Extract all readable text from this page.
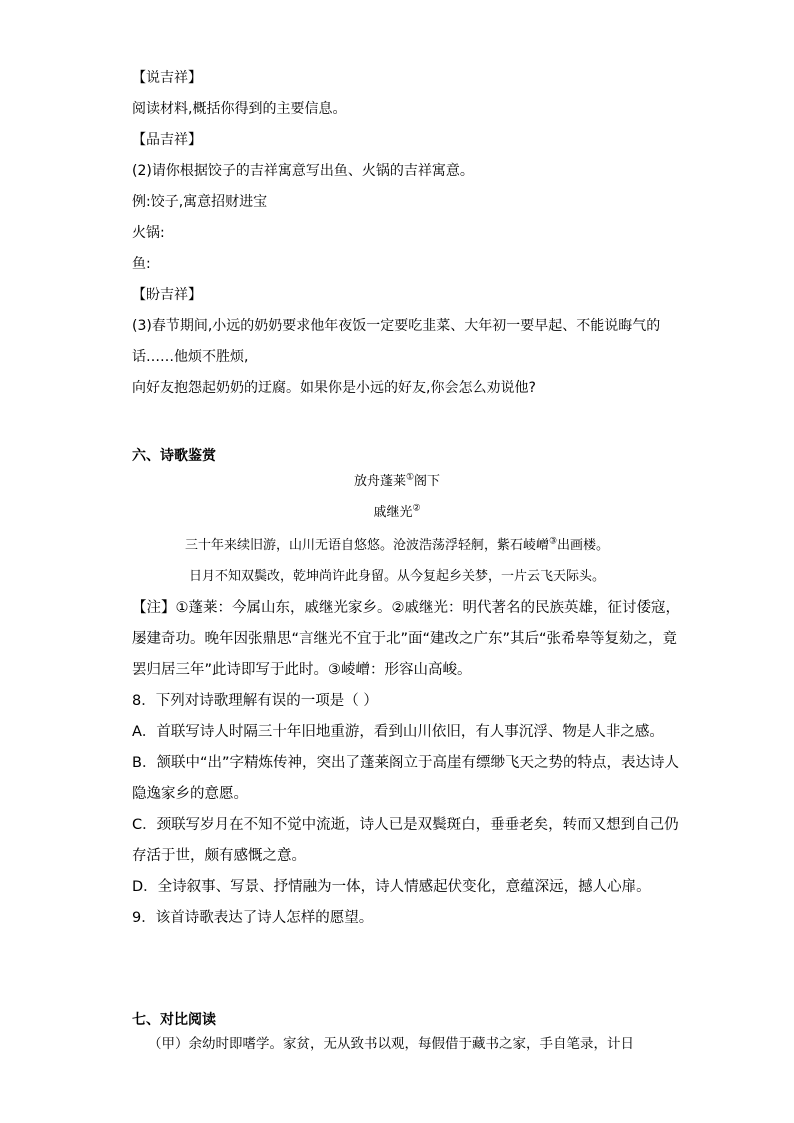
【说吉祥】
阅读材料,概括你得到的主要信息。
【品吉祥】
(2)请你根据饺子的吉祥寓意写出鱼、火锅的吉祥寓意。
例:饺子,寓意招财进宝
火锅:
鱼:
【盼吉祥】
(3)春节期间,小远的奶奶要求他年夜饭一定要吃韭菜、大年初一要早起、不能说晦气的
话……他烦不胜烦,
向好友抱怨起奶奶的迂腐。如果你是小远的好友,你会怎么劝说他?
六、诗歌鉴赏
放舟蓬莱①阁下
戚继光②
三十年来续旧游，山川无语自悠悠。沧波浩荡浮轻舸，紫石崚嶒③出画楼。
日月不知双鬓改，乾坤尚许此身留。从今复起乡关梦，一片云飞天际头。
【注】①蓬莱：今属山东，戚继光家乡。②戚继光：明代著名的民族英雄，征讨倭寇，
屡建奇功。晚年因张鼎思“言继光不宜于北”面“建改之广东”其后“张希皋等复劾之，竟
罢归居三年”此诗即写于此时。③崚嶒：形容山高峻。
8．下列对诗歌理解有误的一项是（ ）
A．首联写诗人时隔三十年旧地重游，看到山川依旧，有人事沉浮、物是人非之感。
B．颔联中“出”字精炼传神，突出了蓬莱阁立于高崖有缥缈飞天之势的特点，表达诗人
隐逸家乡的意愿。
C．颈联写岁月在不知不觉中流逝，诗人已是双鬓斑白，垂垂老矣，转而又想到自己仍
存活于世，颇有感慨之意。
D．全诗叙事、写景、抒情融为一体，诗人情感起伏变化，意蕴深远，撼人心扉。
9．该首诗歌表达了诗人怎样的愿望。
七、对比阅读
（甲）余幼时即嗜学。家贫，无从致书以观，每假借于藏书之家，手自笔录，计日
